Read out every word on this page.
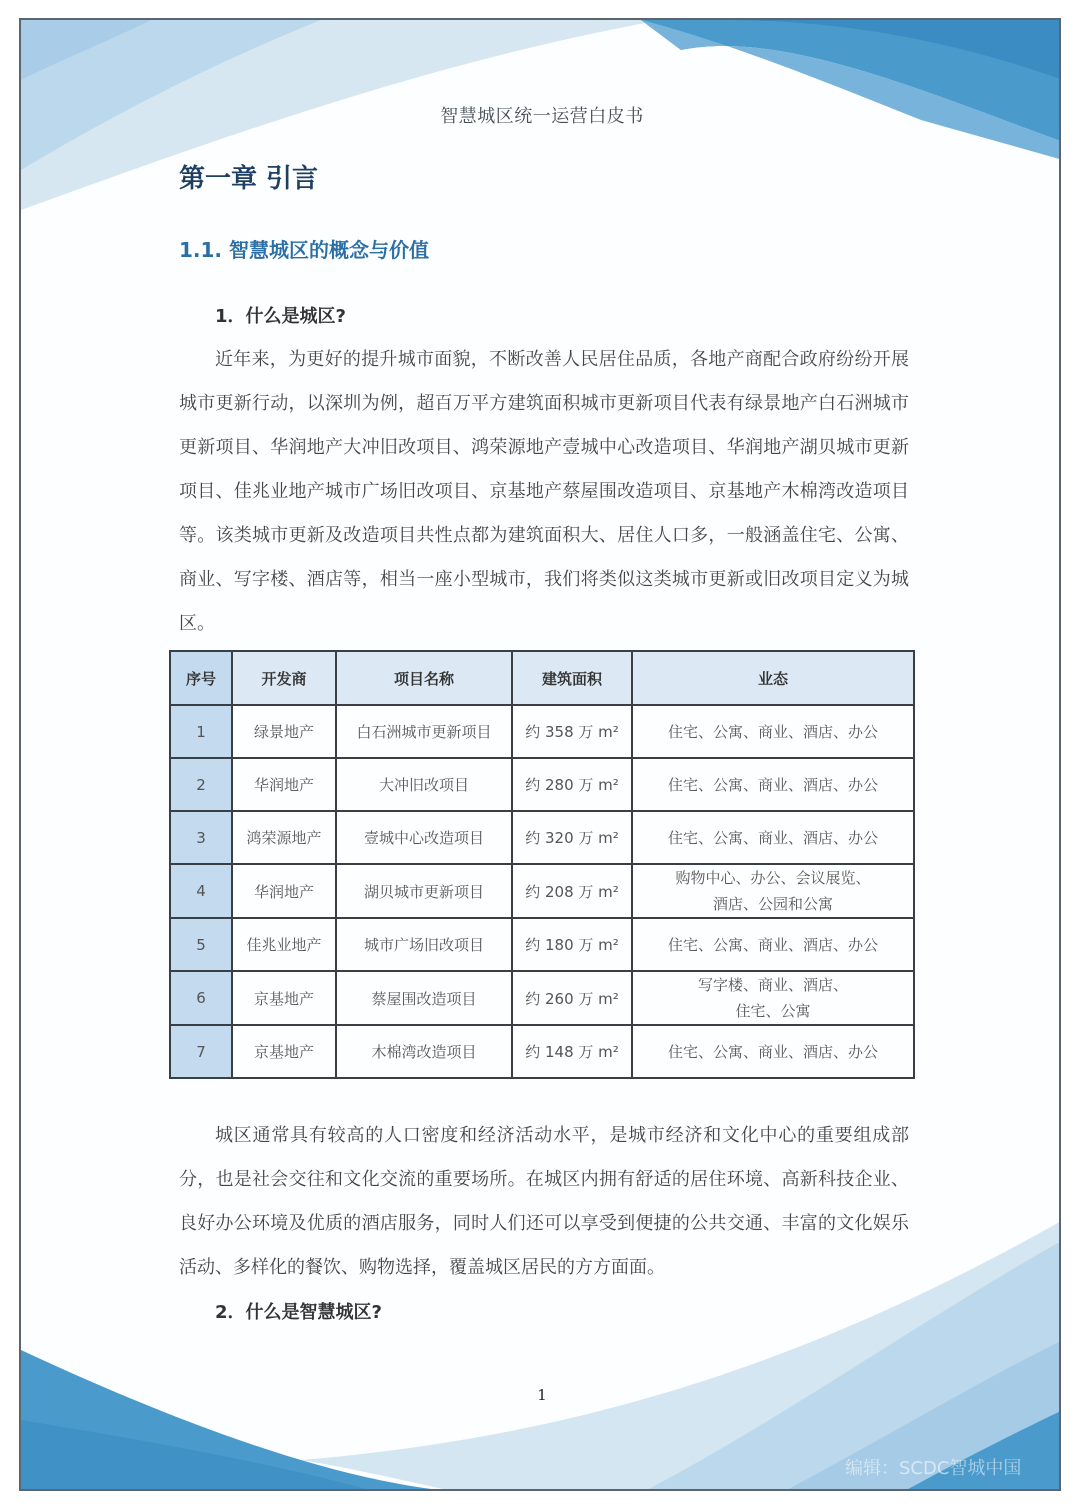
智慧城区统一运营白皮书
第一章 引言
1.1. 智慧城区的概念与价值
1．什么是城区?
近年来，为更好的提升城市面貌，不断改善人民居住品质，各地产商配合政府纷纷开展城市更新行动，以深圳为例，超百万平方建筑面积城市更新项目代表有绿景地产白石洲城市更新项目、华润地产大冲旧改项目、鸿荣源地产壹城中心改造项目、华润地产湖贝城市更新项目、佳兆业地产城市广场旧改项目、京基地产蔡屋围改造项目、京基地产木棉湾改造项目等。该类城市更新及改造项目共性点都为建筑面积大、居住人口多，一般涵盖住宅、公寓、商业、写字楼、酒店等，相当一座小型城市，我们将类似这类城市更新或旧改项目定义为城区。
序号	开发商	项目名称	建筑面积	业态
1	绿景地产	白石洲城市更新项目	约 358 万 m²	住宅、公寓、商业、酒店、办公

2	华润地产	大冲旧改项目	约 280 万 m²	住宅、公寓、商业、酒店、办公

3	鸿荣源地产	壹城中心改造项目	约 320 万 m²	住宅、公寓、商业、酒店、办公

4	华润地产	湖贝城市更新项目	约 208 万 m²	购物中心、办公、会议展览、
酒店、公园和公寓

5	佳兆业地产	城市广场旧改项目	约 180 万 m²	住宅、公寓、商业、酒店、办公

6	京基地产	蔡屋围改造项目	约 260 万 m²	写字楼、商业、酒店、
住宅、公寓

7	京基地产	木棉湾改造项目	约 148 万 m²	住宅、公寓、商业、酒店、办公
城区通常具有较高的人口密度和经济活动水平，是城市经济和文化中心的重要组成部分，也是社会交往和文化交流的重要场所。在城区内拥有舒适的居住环境、高新科技企业、良好办公环境及优质的酒店服务，同时人们还可以享受到便捷的公共交通、丰富的文化娱乐活动、多样化的餐饮、购物选择，覆盖城区居民的方方面面。
2．什么是智慧城区?
1
编辑：SCDC智城中国
